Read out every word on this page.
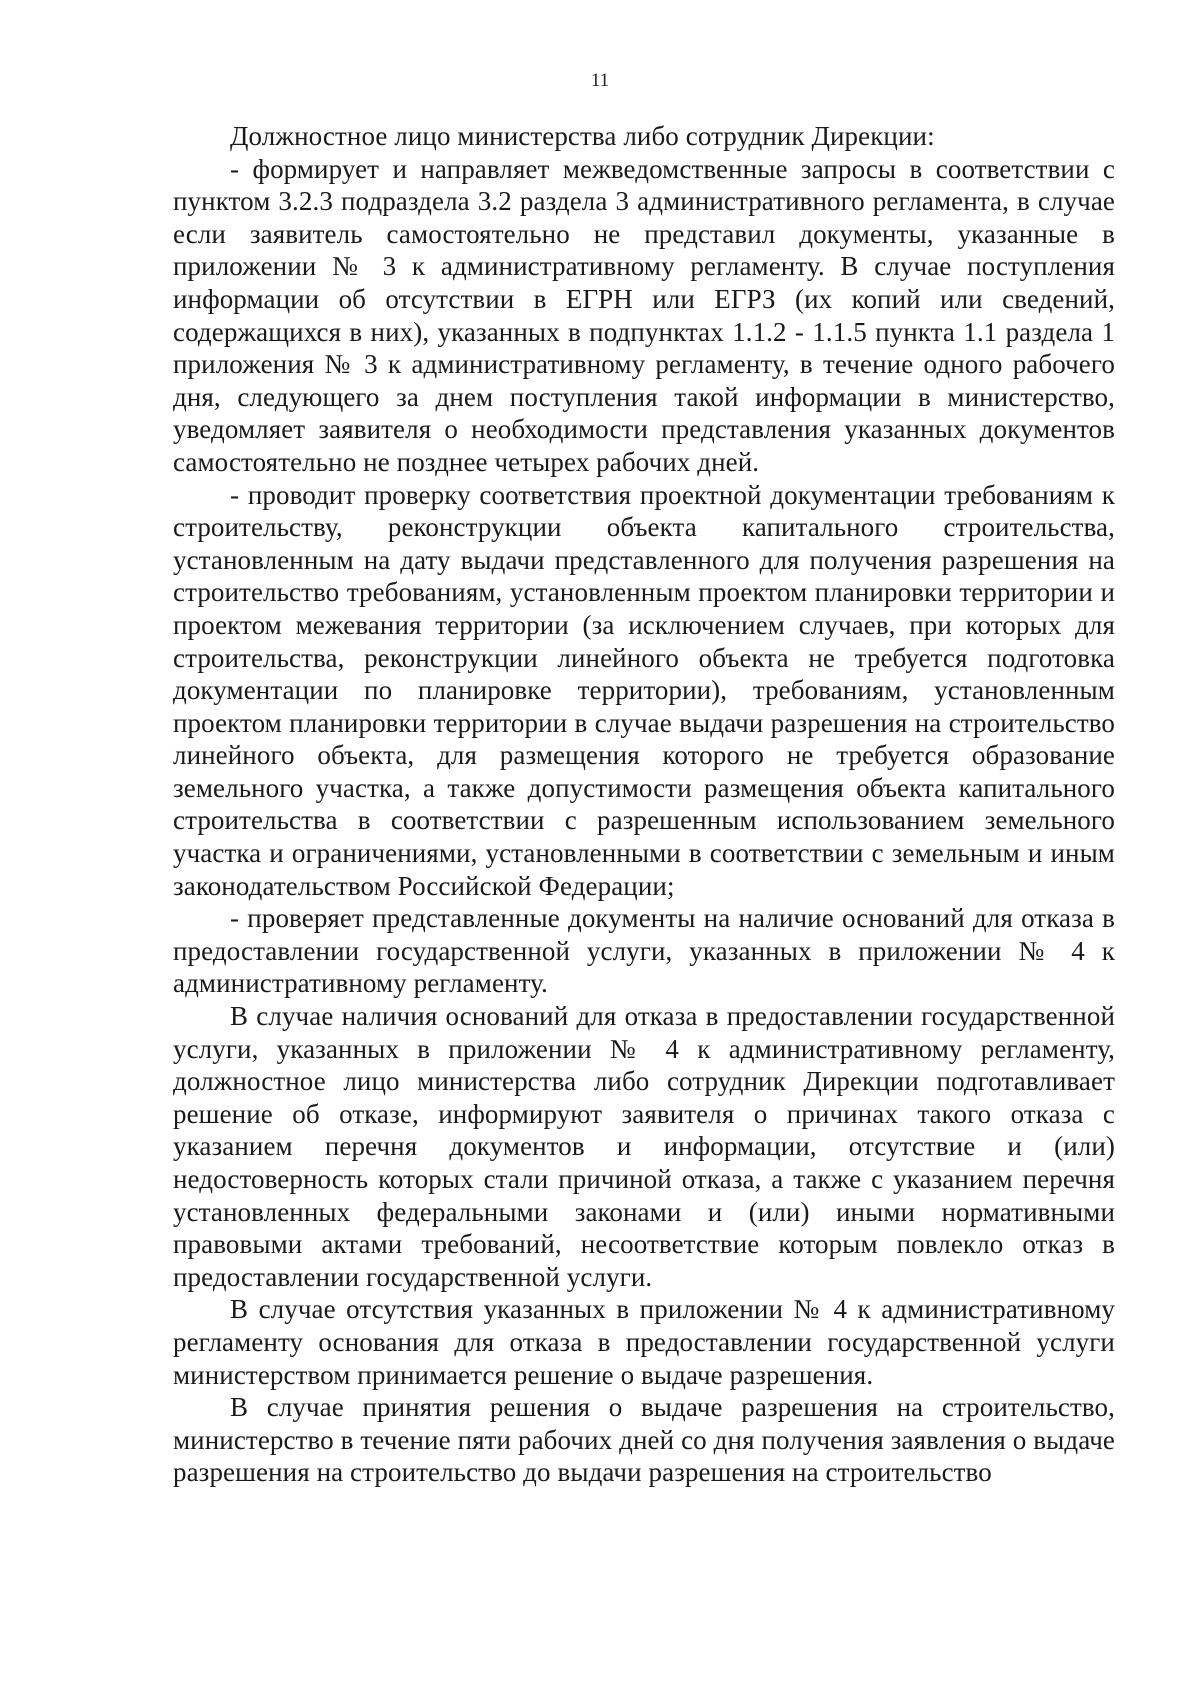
11

Должностное лицо министерства либо сотрудник Дирекции:

- формирует и направляет межведомственные запросы в соответствии с пунктом 3.2.3 подраздела 3.2 раздела 3 административного регламента, в случае если заявитель самостоятельно не представил документы, указанные в приложении № 3 к административному регламенту. В случае поступления информации об отсутствии в ЕГРН или ЕГРЗ (их копий или сведений, содержащихся в них), указанных в подпунктах 1.1.2 - 1.1.5 пункта 1.1 раздела 1 приложения № 3 к административному регламенту, в течение одного рабочего дня, следующего за днем поступления такой информации в министерство, уведомляет заявителя о необходимости представления указанных документов самостоятельно не позднее четырех рабочих дней.

- проводит проверку соответствия проектной документации требованиям к строительству, реконструкции объекта капитального строительства, установленным на дату выдачи представленного для получения разрешения на строительство требованиям, установленным проектом планировки территории и проектом межевания территории (за исключением случаев, при которых для строительства, реконструкции линейного объекта не требуется подготовка документации по планировке территории), требованиям, установленным проектом планировки территории в случае выдачи разрешения на строительство линейного объекта, для размещения которого не требуется образование земельного участка, а также допустимости размещения объекта капитального строительства в соответствии с разрешенным использованием земельного участка и ограничениями, установленными в соответствии с земельным и иным законодательством Российской Федерации;

- проверяет представленные документы на наличие оснований для отказа в предоставлении государственной услуги, указанных в приложении № 4 к административному регламенту.

В случае наличия оснований для отказа в предоставлении государственной услуги, указанных в приложении № 4 к административному регламенту, должностное лицо министерства либо сотрудник Дирекции подготавливает решение об отказе, информируют заявителя о причинах такого отказа с указанием перечня документов и информации, отсутствие и (или) недостоверность которых стали причиной отказа, а также с указанием перечня установленных федеральными законами и (или) иными нормативными правовыми актами требований, несоответствие которым повлекло отказ в предоставлении государственной услуги.

В случае отсутствия указанных в приложении № 4 к административному регламенту основания для отказа в предоставлении государственной услуги министерством принимается решение о выдаче разрешения.

В случае принятия решения о выдаче разрешения на строительство, министерство в течение пяти рабочих дней со дня получения заявления о выдаче разрешения на строительство до выдачи разрешения на строительство
